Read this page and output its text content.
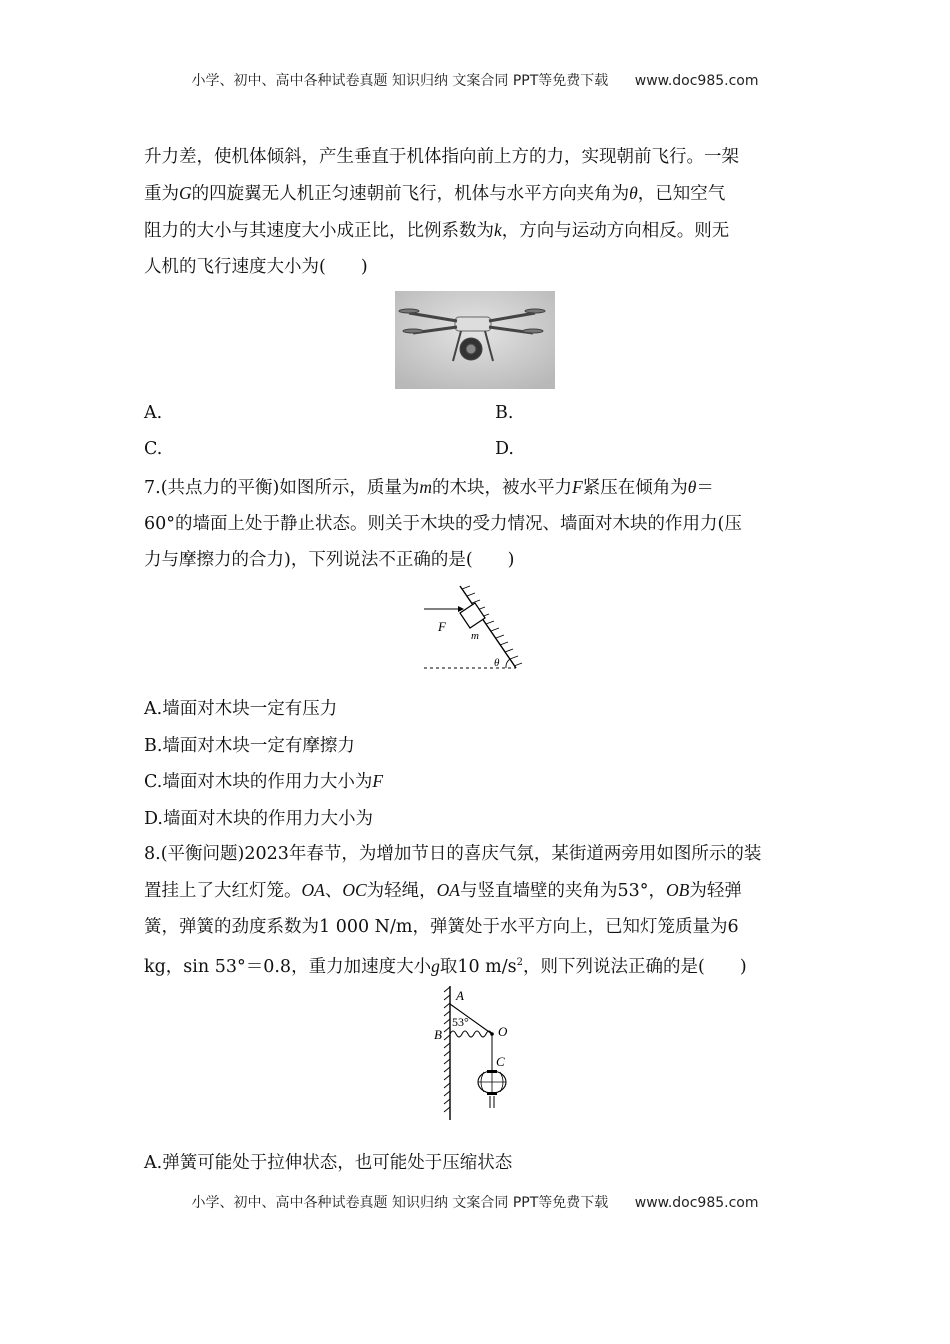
小学、初中、高中各种试卷真题 知识归纳 文案合同 PPT等免费下载 www.doc985.com
升力差，使机体倾斜，产生垂直于机体指向前上方的力，实现朝前飞行。一架
重为G的四旋翼无人机正匀速朝前飞行，机体与水平方向夹角为θ，已知空气
阻力的大小与其速度大小成正比，比例系数为k，方向与运动方向相反。则无
人机的飞行速度大小为(　　)
A.	B.
C.	D.
7.(共点力的平衡)如图所示，质量为m的木块，被水平力F紧压在倾角为θ＝
60°的墙面上处于静止状态。则关于木块的受力情况、墙面对木块的作用力(压
力与摩擦力的合力)，下列说法不正确的是(　　)
F
m
θ
A.墙面对木块一定有压力
B.墙面对木块一定有摩擦力
C.墙面对木块的作用力大小为F
D.墙面对木块的作用力大小为
8.(平衡问题)2023年春节，为增加节日的喜庆气氛，某街道两旁用如图所示的装
置挂上了大红灯笼。OA、OC为轻绳，OA与竖直墙壁的夹角为53°，OB为轻弹
簧，弹簧的劲度系数为1 000 N/m，弹簧处于水平方向上，已知灯笼质量为6
kg，sin 53°＝0.8，重力加速度大小g取10 $m/s^2$，则下列说法正确的是(　　)
A
53°
B	O
C
A.弹簧可能处于拉伸状态，也可能处于压缩状态
小学、初中、高中各种试卷真题 知识归纳 文案合同 PPT等免费下载 www.doc985.com
